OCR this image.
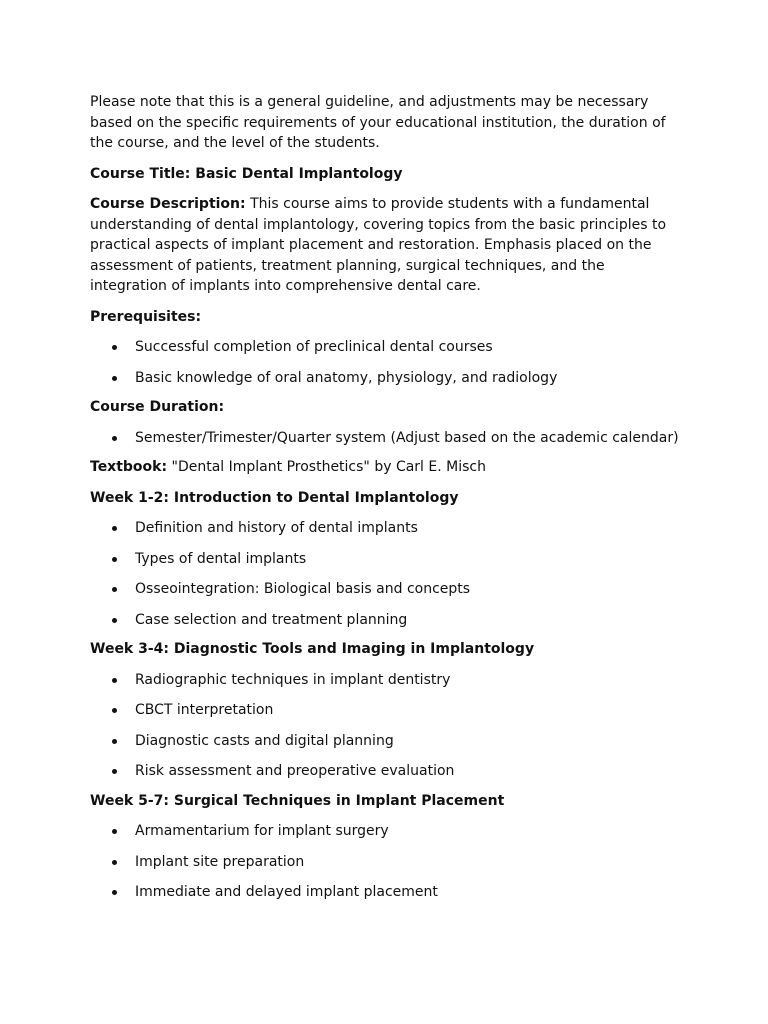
Please note that this is a general guideline, and adjustments may be necessary based on the specific requirements of your educational institution, the duration of the course, and the level of the students.

Course Title: Basic Dental Implantology

Course Description: This course aims to provide students with a fundamental understanding of dental implantology, covering topics from the basic principles to practical aspects of implant placement and restoration. Emphasis placed on the assessment of patients, treatment planning, surgical techniques, and the integration of implants into comprehensive dental care.

Prerequisites:

Successful completion of preclinical dental courses
Basic knowledge of oral anatomy, physiology, and radiology

Course Duration:

Semester/Trimester/Quarter system (Adjust based on the academic calendar)

Textbook: "Dental Implant Prosthetics" by Carl E. Misch

Week 1-2: Introduction to Dental Implantology

Definition and history of dental implants
Types of dental implants
Osseointegration: Biological basis and concepts
Case selection and treatment planning

Week 3-4: Diagnostic Tools and Imaging in Implantology

Radiographic techniques in implant dentistry
CBCT interpretation
Diagnostic casts and digital planning
Risk assessment and preoperative evaluation

Week 5-7: Surgical Techniques in Implant Placement

Armamentarium for implant surgery
Implant site preparation
Immediate and delayed implant placement
